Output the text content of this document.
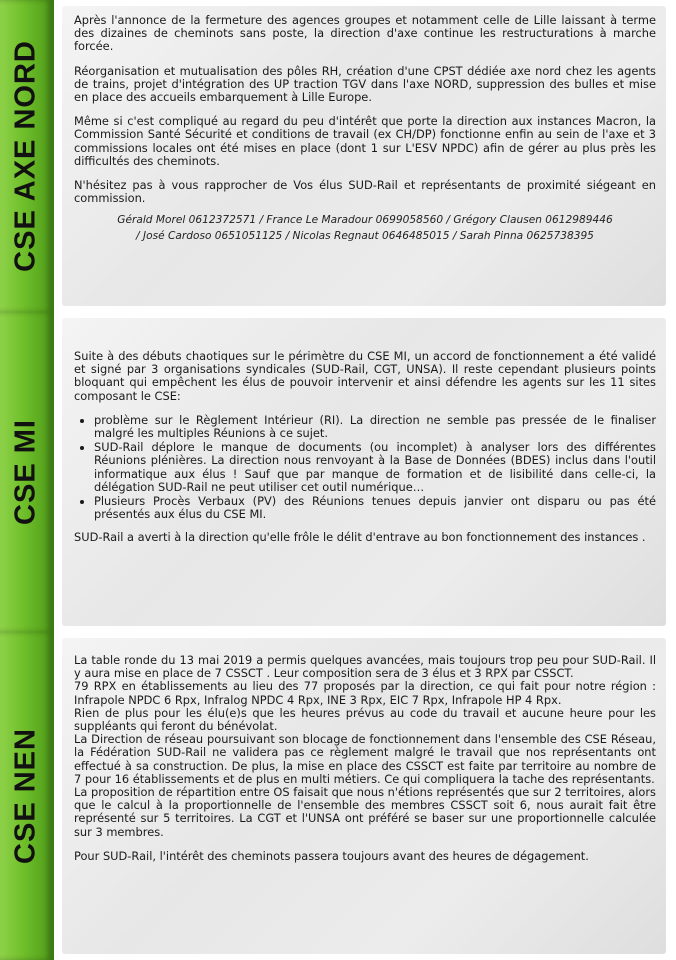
CSE AXE NORD

Après l'annonce de la fermeture des agences groupes et notamment celle de Lille laissant à terme des dizaines de cheminots sans poste, la direction d'axe continue les restructurations à marche forcée.

Réorganisation et mutualisation des pôles RH, création d'une CPST dédiée axe nord chez les agents de trains, projet d'intégration des UP traction TGV dans l'axe NORD, suppression des bulles et mise en place des accueils embarquement à Lille Europe.

Même si c'est compliqué au regard du peu d'intérêt que porte la direction aux instances Macron, la Commission Santé Sécurité et conditions de travail (ex CH/DP) fonctionne enfin au sein de l'axe et 3 commissions locales ont été mises en place (dont 1 sur L'ESV NPDC) afin de gérer au plus près les difficultés des cheminots.

N'hésitez pas à vous rapprocher de Vos élus SUD-Rail et représentants de proximité siégeant en commission.

Gérald Morel 0612372571 / France Le Maradour 0699058560 / Grégory Clausen 0612989446
/ José Cardoso 0651051125 / Nicolas Regnaut 0646485015 / Sarah Pinna 0625738395
CSE MI

Suite à des débuts chaotiques sur le périmètre du CSE MI, un accord de fonctionnement a été validé et signé par 3 organisations syndicales (SUD-Rail, CGT, UNSA). Il reste cependant plusieurs points bloquant qui empêchent les élus de pouvoir intervenir et ainsi défendre les agents sur les 11 sites composant le CSE:

• problème sur le Règlement Intérieur (RI). La direction ne semble pas pressée de le finaliser malgré les multiples Réunions à ce sujet.
• SUD-Rail déplore le manque de documents (ou incomplet) à analyser lors des différentes Réunions plénières. La direction nous renvoyant à la Base de Données (BDES) inclus dans l'outil informatique aux élus ! Sauf que par manque de formation et de lisibilité dans celle-ci, la délégation SUD-Rail ne peut utiliser cet outil numérique…
• Plusieurs Procès Verbaux (PV) des Réunions tenues depuis janvier ont disparu ou pas été présentés aux élus du CSE MI.

SUD-Rail a averti à la direction qu'elle frôle le délit d'entrave au bon fonctionnement des instances .

CSE NEN

La table ronde du 13 mai 2019 a permis quelques avancées, mais toujours trop peu pour SUD-Rail. Il y aura mise en place de 7 CSSCT . Leur composition sera de 3 élus et 3 RPX par CSSCT.

79 RPX en établissements au lieu des 77 proposés par la direction, ce qui fait pour notre région : Infrapole NPDC 6 Rpx, Infralog NPDC 4 Rpx, INE 3 Rpx, EIC 7 Rpx, Infrapole HP 4 Rpx.

Rien de plus pour les élu(e)s que les heures prévus au code du travail et aucune heure pour les suppléants qui feront du bénévolat.

La Direction de réseau poursuivant son blocage de fonctionnement dans l'ensemble des CSE Réseau, la Fédération SUD-Rail ne validera pas ce règlement malgré le travail que nos représentants ont effectué à sa construction. De plus, la mise en place des CSSCT est faite par territoire au nombre de 7 pour 16 établissements et de plus en multi métiers. Ce qui compliquera la tache des représentants.

La proposition de répartition entre OS faisait que nous n'étions représentés que sur 2 territoires, alors que le calcul à la proportionnelle de l'ensemble des membres CSSCT soit 6, nous aurait fait être représenté sur 5 territoires. La CGT et l'UNSA ont préféré se baser sur une proportionnelle calculée sur 3 membres.

Pour SUD-Rail, l'intérêt des cheminots passera toujours avant des heures de dégagement.
